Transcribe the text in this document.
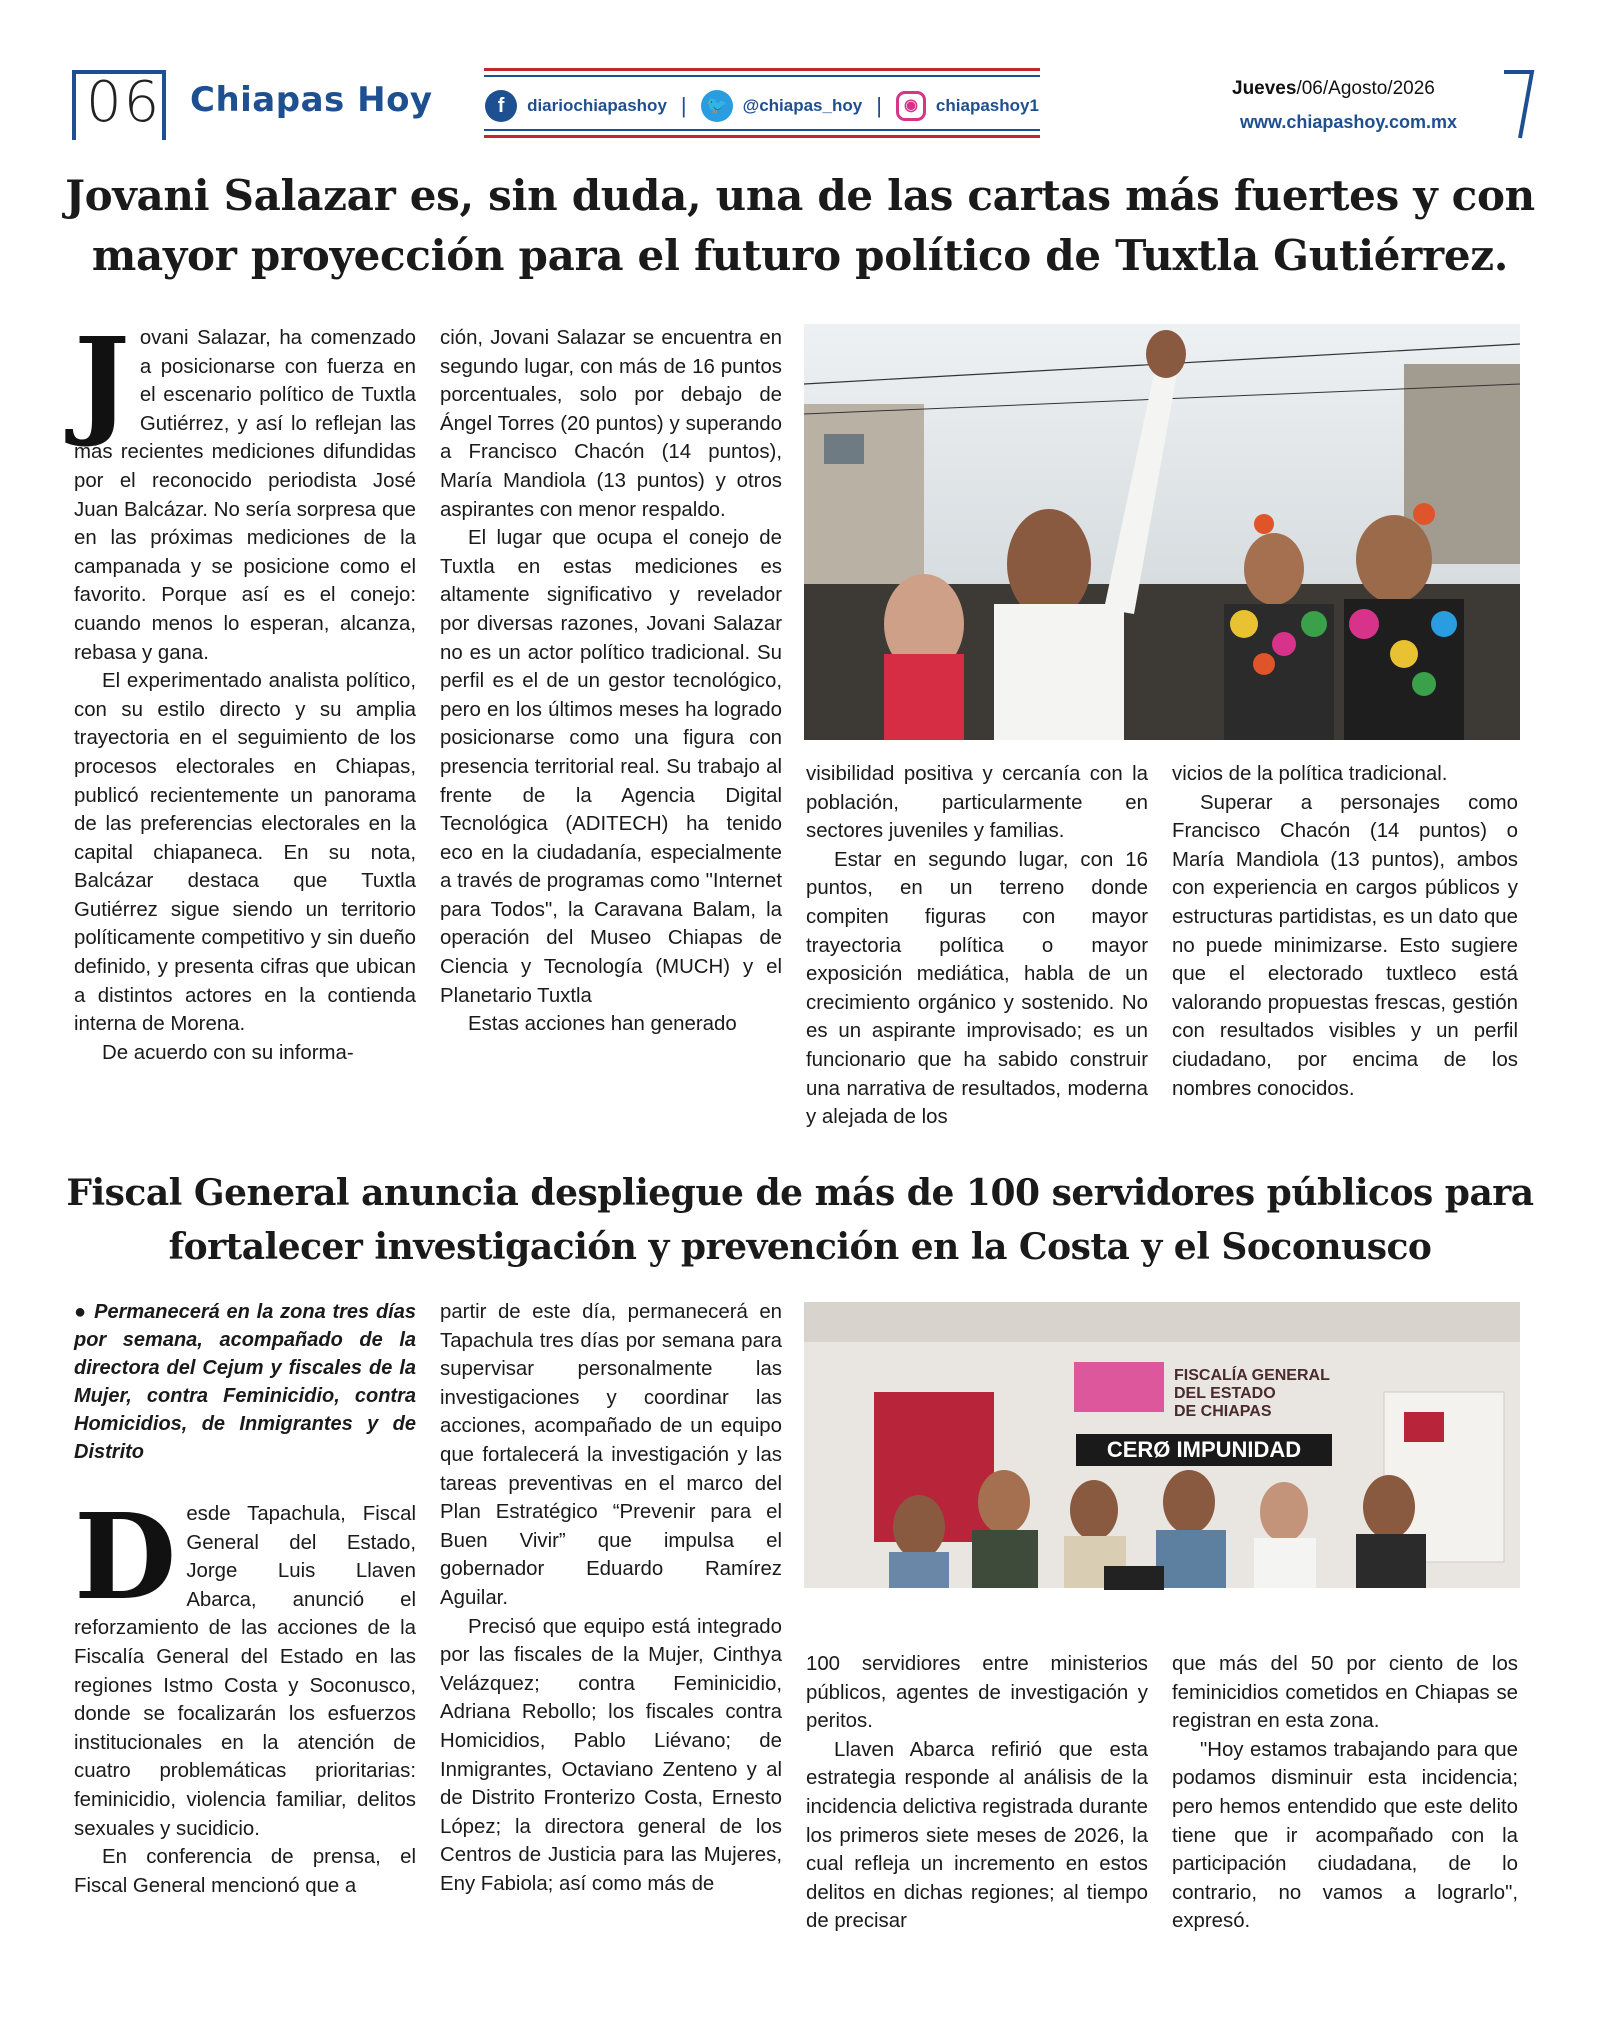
06 Chiapas Hoy	f	diariochiapashoy |	🐦 @chiapas_hoy |	◉	chiapashoy1
Jueves/06/Agosto/2026
www.chiapashoy.com.mx
Jovani Salazar es, sin duda, una de las cartas más fuertes y con mayor proyección para el futuro político de Tuxtla Gutiérrez.

Jovani Salazar, ha comenzado a posicionarse con fuerza en el escenario político de Tuxtla Gutiérrez, y así lo reflejan las más recientes mediciones difundidas por el reconocido periodista José Juan Balcázar. No sería sorpresa que en las próximas mediciones de la campanada y se posicione como el favorito. Porque así es el conejo: cuando menos lo esperan, alcanza, rebasa y gana.

El experimentado analista político, con su estilo directo y su amplia trayectoria en el seguimiento de los procesos electorales en Chiapas, publicó recientemente un panorama de las preferencias electorales en la capital chiapaneca. En su nota, Balcázar destaca que Tuxtla Gutiérrez sigue siendo un territorio políticamente competitivo y sin dueño definido, y presenta cifras que ubican a distintos actores en la contienda interna de Morena.

De acuerdo con su informa-

ción, Jovani Salazar se encuentra en segundo lugar, con más de 16 puntos porcentuales, solo por debajo de Ángel Torres (20 puntos) y superando a Francisco Chacón (14 puntos), María Mandiola (13 puntos) y otros aspirantes con menor respaldo.

El lugar que ocupa el conejo de Tuxtla en estas mediciones es altamente significativo y revelador por diversas razones, Jovani Salazar no es un actor político tradicional. Su perfil es el de un gestor tecnológico, pero en los últimos meses ha logrado posicionarse como una figura con presencia territorial real. Su trabajo al frente de la Agencia Digital Tecnológica (ADITECH) ha tenido eco en la ciudadanía, especialmente a través de programas como "Internet para Todos", la Caravana Balam, la operación del Museo Chiapas de Ciencia y Tecnología (MUCH) y el Planetario Tuxtla

Estas acciones han generado

visibilidad positiva y cercanía con la población, particularmente en sectores juveniles y familias.

Estar en segundo lugar, con 16 puntos, en un terreno donde compiten figuras con mayor trayectoria política o mayor exposición mediática, habla de un crecimiento orgánico y sostenido. No es un aspirante improvisado; es un funcionario que ha sabido construir una narrativa de resultados, moderna y alejada de los

vicios de la política tradicional.

Superar a personajes como Francisco Chacón (14 puntos) o María Mandiola (13 puntos), ambos con experiencia en cargos públicos y estructuras partidistas, es un dato que no puede minimizarse. Esto sugiere que el electorado tuxtleco está valorando propuestas frescas, gestión con resultados visibles y un perfil ciudadano, por encima de los nombres conocidos.

Fiscal General anuncia despliegue de más de 100 servidores públicos para fortalecer investigación y prevención en la Costa y el Soconusco
● Permanecerá en la zona tres días por semana, acompañado de la directora del Cejum y fiscales de la Mujer, contra Feminicidio, contra Homicidios, de Inmigrantes y de Distrito

Desde Tapachula, Fiscal General del Estado, Jorge Luis Llaven Abarca, anunció el reforzamiento de las acciones de la Fiscalía General del Estado en las regiones Istmo Costa y Soconusco, donde se focalizarán los esfuerzos institucionales en la atención de cuatro problemáticas prioritarias: feminicidio, violencia familiar, delitos sexuales y sucidicio.

En conferencia de prensa, el Fiscal General mencionó que a

partir de este día, permanecerá en Tapachula tres días por semana para supervisar personalmente las investigaciones y coordinar las acciones, acompañado de un equipo que fortalecerá la investigación y las tareas preventivas en el marco del Plan Estratégico “Prevenir para el Buen Vivir” que impulsa el gobernador Eduardo Ramírez Aguilar.

Precisó que equipo está integrado por las fiscales de la Mujer, Cinthya Velázquez; contra Feminicidio, Adriana Rebollo; los fiscales contra Homicidios, Pablo Liévano; de Inmigrantes, Octaviano Zenteno y al de Distrito Fronterizo Costa, Ernesto López; la directora general de los Centros de Justicia para las Mujeres, Eny Fabiola; así como más de

FISCALÍA GENERAL
DEL ESTADO
DE CHIAPAS
CERØ IMPUNIDAD

100 servidiores entre ministerios públicos, agentes de investigación y peritos.

Llaven Abarca refirió que esta estrategia responde al análisis de la incidencia delictiva registrada durante los primeros siete meses de 2026, la cual refleja un incremento en estos delitos en dichas regiones; al tiempo de precisar

que más del 50 por ciento de los feminicidios cometidos en Chiapas se registran en esta zona.

"Hoy estamos trabajando para que podamos disminuir esta incidencia; pero hemos entendido que este delito tiene que ir acompañado con la participación ciudadana, de lo contrario, no vamos a lograrlo", expresó.
